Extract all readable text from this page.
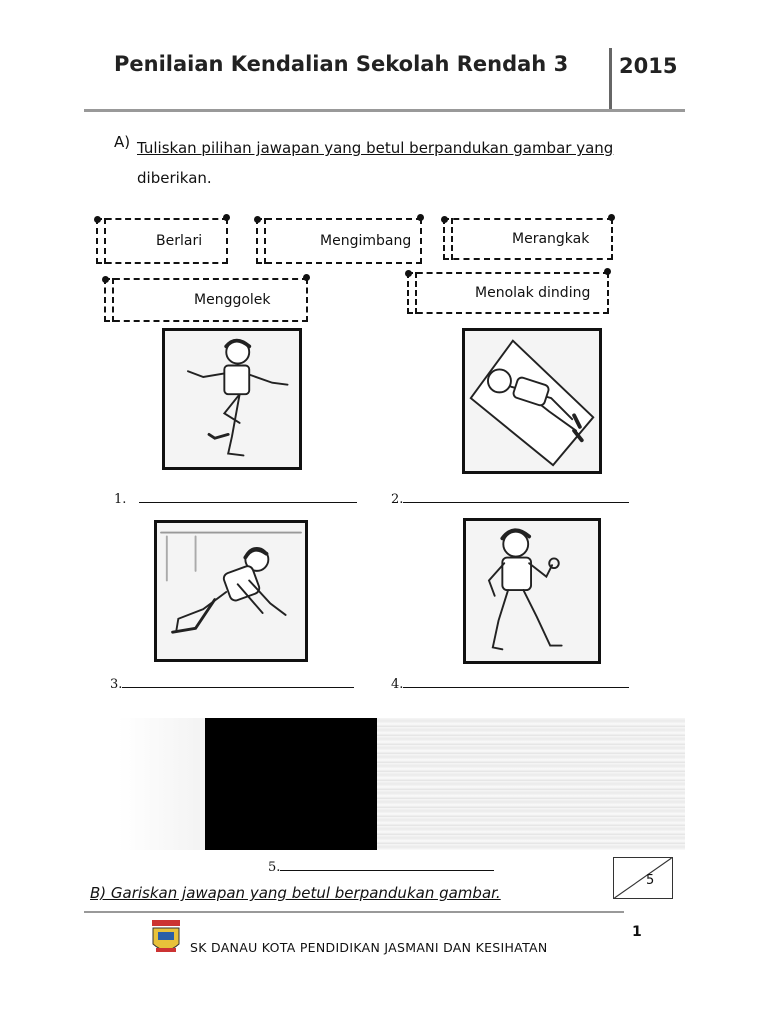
Penilaian Kendalian Sekolah Rendah 3 2015
A) Tuliskan pilihan jawapan yang betul berpandukan gambar yang
diberikan.
Berlari	Mengimbang	Merangkak
Menggolek	Menolak dinding
1.	2.
3.	4.
5.
5
B) Gariskan jawapan yang betul berpandukan gambar.
SK DANAU KOTA PENDIDIKAN JASMANI DAN KESIHATAN
1
